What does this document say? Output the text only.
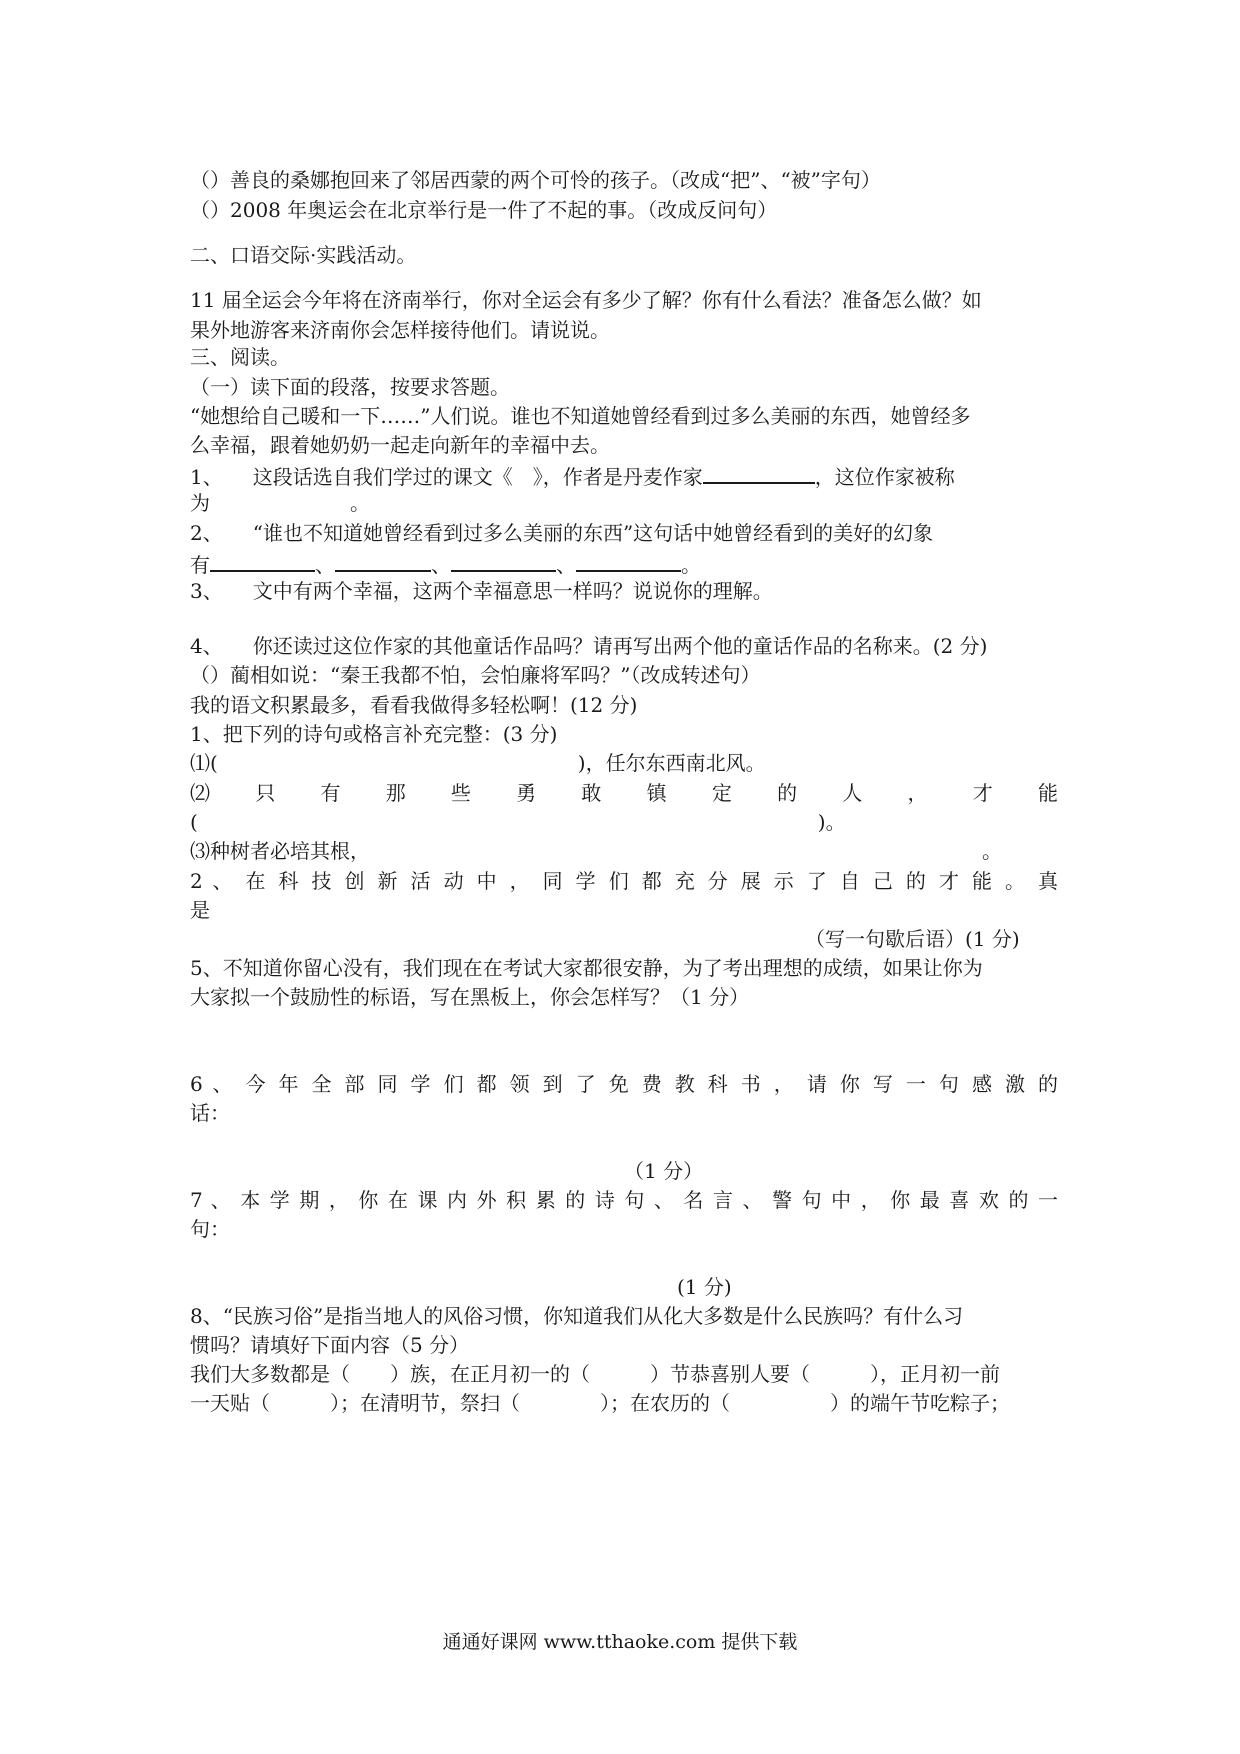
（）善良的桑娜抱回来了邻居西蒙的两个可怜的孩子。（改成“把”、“被”字句）
（）2008 年奥运会在北京举行是一件了不起的事。（改成反问句）
二、口语交际·实践活动。
11 届全运会今年将在济南举行，你对全运会有多少了解？你有什么看法？准备怎么做？如
果外地游客来济南你会怎样接待他们。请说说。
三、阅读。
（一）读下面的段落，按要求答题。
“她想给自己暖和一下……”人们说。谁也不知道她曾经看到过多么美丽的东西，她曾经多
么幸福，跟着她奶奶一起走向新年的幸福中去。
1、　　这段话选自我们学过的课文《　》，作者是丹麦作家	，这位作家被称
为　　　　　　　。
2、　　“谁也不知道她曾经看到过多么美丽的东西”这句话中她曾经看到的美好的幻象
有	、	、	、	。
3、　　文中有两个幸福，这两个幸福意思一样吗？说说你的理解。
4、　　你还读过这位作家的其他童话作品吗？请再写出两个他的童话作品的名称来。(2 分)
（）蔺相如说：“秦王我都不怕，会怕廉将军吗？”（改成转述句）
我的语文积累最多，看看我做得多轻松啊！(12 分)
1、把下列的诗句或格言补充完整：(3 分)
⑴(　　　　　　　　　　　　　　　　　　)，任尔东西南北风。
⑵ 只 有 那 些 勇 敢 镇 定 的 人 ， 才 能
(　　　　　　　　　　　　　　　　　　　　　　　　　　　　　　　)。
⑶种树者必培其根，	。
2 、 在 科 技 创 新 活 动 中 ， 同 学 们 都 充 分 展 示 了 自 己 的 才 能 。 真
是
（写一句歇后语）(1 分)
5、不知道你留心没有，我们现在在考试大家都很安静，为了考出理想的成绩，如果让你为
大家拟一个鼓励性的标语，写在黑板上，你会怎样写？（1 分）
6 、 今 年 全 部 同 学 们 都 领 到 了 免 费 教 科 书 ， 请 你 写 一 句 感 激 的
话：
（1 分）
7 、 本 学 期 ， 你 在 课 内 外 积 累 的 诗 句 、 名 言 、 警 句 中 ， 你 最 喜 欢 的 一
句：
(1 分)
8、“民族习俗”是指当地人的风俗习惯，你知道我们从化大多数是什么民族吗？有什么习
惯吗？请填好下面内容（5 分）
我们大多数都是（　　）族，在正月初一的（　　　）节恭喜别人要（　　　），正月初一前
一天贴（　　　）；在清明节，祭扫（　　　　）；在农历的（　　　　　）的端午节吃粽子；
通通好课网 www.tthaoke.com 提供下载
